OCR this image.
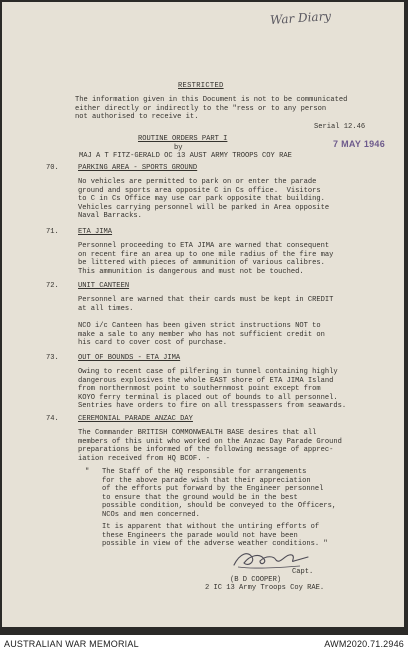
War Diary
RESTRICTED
The information given in this Document is not to be communicated
either directly or indirectly to the "ress or to any person
not authorised to receive it.
Serial 12.46
ROUTINE ORDERS PART I
by
MAJ A T FITZ-GERALD OC 13 AUST ARMY TROOPS COY RAE
7 MAY 1946
70.	PARKING AREA - SPORTS GROUND
No vehicles are permitted to park on or enter the parade
ground and sports area opposite C in Cs office.  Visitors
to C in Cs Office may use car park opposite that building.
Vehicles carrying personnel will be parked in Area opposite
Naval Barracks.
71.	ETA JIMA
Personnel proceeding to ETA JIMA are warned that consequent
on recent fire an area up to one mile radius of the fire may
be littered with pieces of ammunition of various calibres.
This ammunition is dangerous and must not be touched.
72.	UNIT CANTEEN
Personnel are warned that their cards must be kept in CREDIT
at all times.
NCO i/c Canteen has been given strict instructions NOT to
make a sale to any member who has not sufficient credit on
his card to cover cost of purchase.
73.	OUT OF BOUNDS - ETA JIMA
Owing to recent case of pilfering in tunnel containing highly
dangerous explosives the whole EAST shore of ETA JIMA Island
from northernmost point to southernmost point except from
KOYO ferry terminal is placed out of bounds to all personnel.
Sentries have orders to fire on all tresspassers from seawards.
74.	CEREMONIAL PARADE ANZAC DAY
The Commander BRITISH COMMONWEALTH BASE desires that all
members of this unit who worked on the Anzac Day Parade Ground
preparations be informed of the following message of apprec-
iation received from HQ BCOF. -
" The Staff of the HQ responsible for arrangements
for the above parade wish that their appreciation
of the efforts put forward by the Engineer personnel
to ensure that the ground would be in the best
possible condition, should be conveyed to the Officers,
NCOs and men concerned.
It is apparent that without the untiring efforts of
these Engineers the parade would not have been
possible in view of the adverse weather conditions. "
Capt.
(B D COOPER)
2 IC 13 Army Troops Coy RAE.
AUSTRALIAN WAR MEMORIAL	AWM2020.71.2946
